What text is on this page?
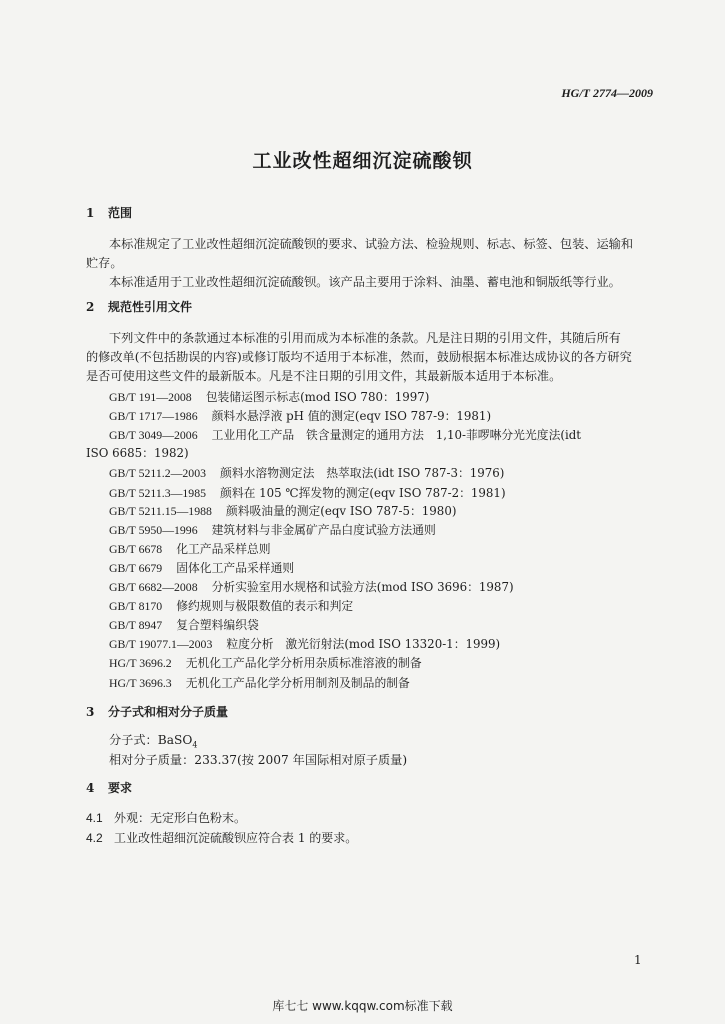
HG/T 2774—2009
工业改性超细沉淀硫酸钡
1 范围
本标准规定了工业改性超细沉淀硫酸钡的要求、试验方法、检验规则、标志、标签、包装、运输和
贮存。
本标准适用于工业改性超细沉淀硫酸钡。该产品主要用于涂料、油墨、蓄电池和铜版纸等行业。
2 规范性引用文件
下列文件中的条款通过本标准的引用而成为本标准的条款。凡是注日期的引用文件，其随后所有
的修改单(不包括勘误的内容)或修订版均不适用于本标准，然而，鼓励根据本标准达成协议的各方研究
是否可使用这些文件的最新版本。凡是不注日期的引用文件，其最新版本适用于本标准。
GB/T 191—2008 包装储运图示标志(mod ISO 780：1997)
GB/T 1717—1986 颜料水悬浮液 pH 值的测定(eqv ISO 787-9：1981)
GB/T 3049—2006 工业用化工产品　铁含量测定的通用方法　1,10-菲啰啉分光光度法(idt
ISO 6685：1982)
GB/T 5211.2—2003 颜料水溶物测定法　热萃取法(idt ISO 787-3：1976)
GB/T 5211.3—1985 颜料在 105 ℃挥发物的测定(eqv ISO 787-2：1981)
GB/T 5211.15—1988 颜料吸油量的测定(eqv ISO 787-5：1980)
GB/T 5950—1996 建筑材料与非金属矿产品白度试验方法通则
GB/T 6678 化工产品采样总则
GB/T 6679 固体化工产品采样通则
GB/T 6682—2008 分析实验室用水规格和试验方法(mod ISO 3696：1987)
GB/T 8170 修约规则与极限数值的表示和判定
GB/T 8947 复合塑料编织袋
GB/T 19077.1—2003 粒度分析　激光衍射法(mod ISO 13320-1：1999)
HG/T 3696.2 无机化工产品化学分析用杂质标准溶液的制备
HG/T 3696.3 无机化工产品化学分析用制剂及制品的制备
3 分子式和相对分子质量
分子式：BaSO$_4$
相对分子质量：233.37(按 2007 年国际相对原子质量)
4 要求
4.1 外观：无定形白色粉末。
4.2 工业改性超细沉淀硫酸钡应符合表 1 的要求。
1
库七七 www.kqqw.com标准下载
